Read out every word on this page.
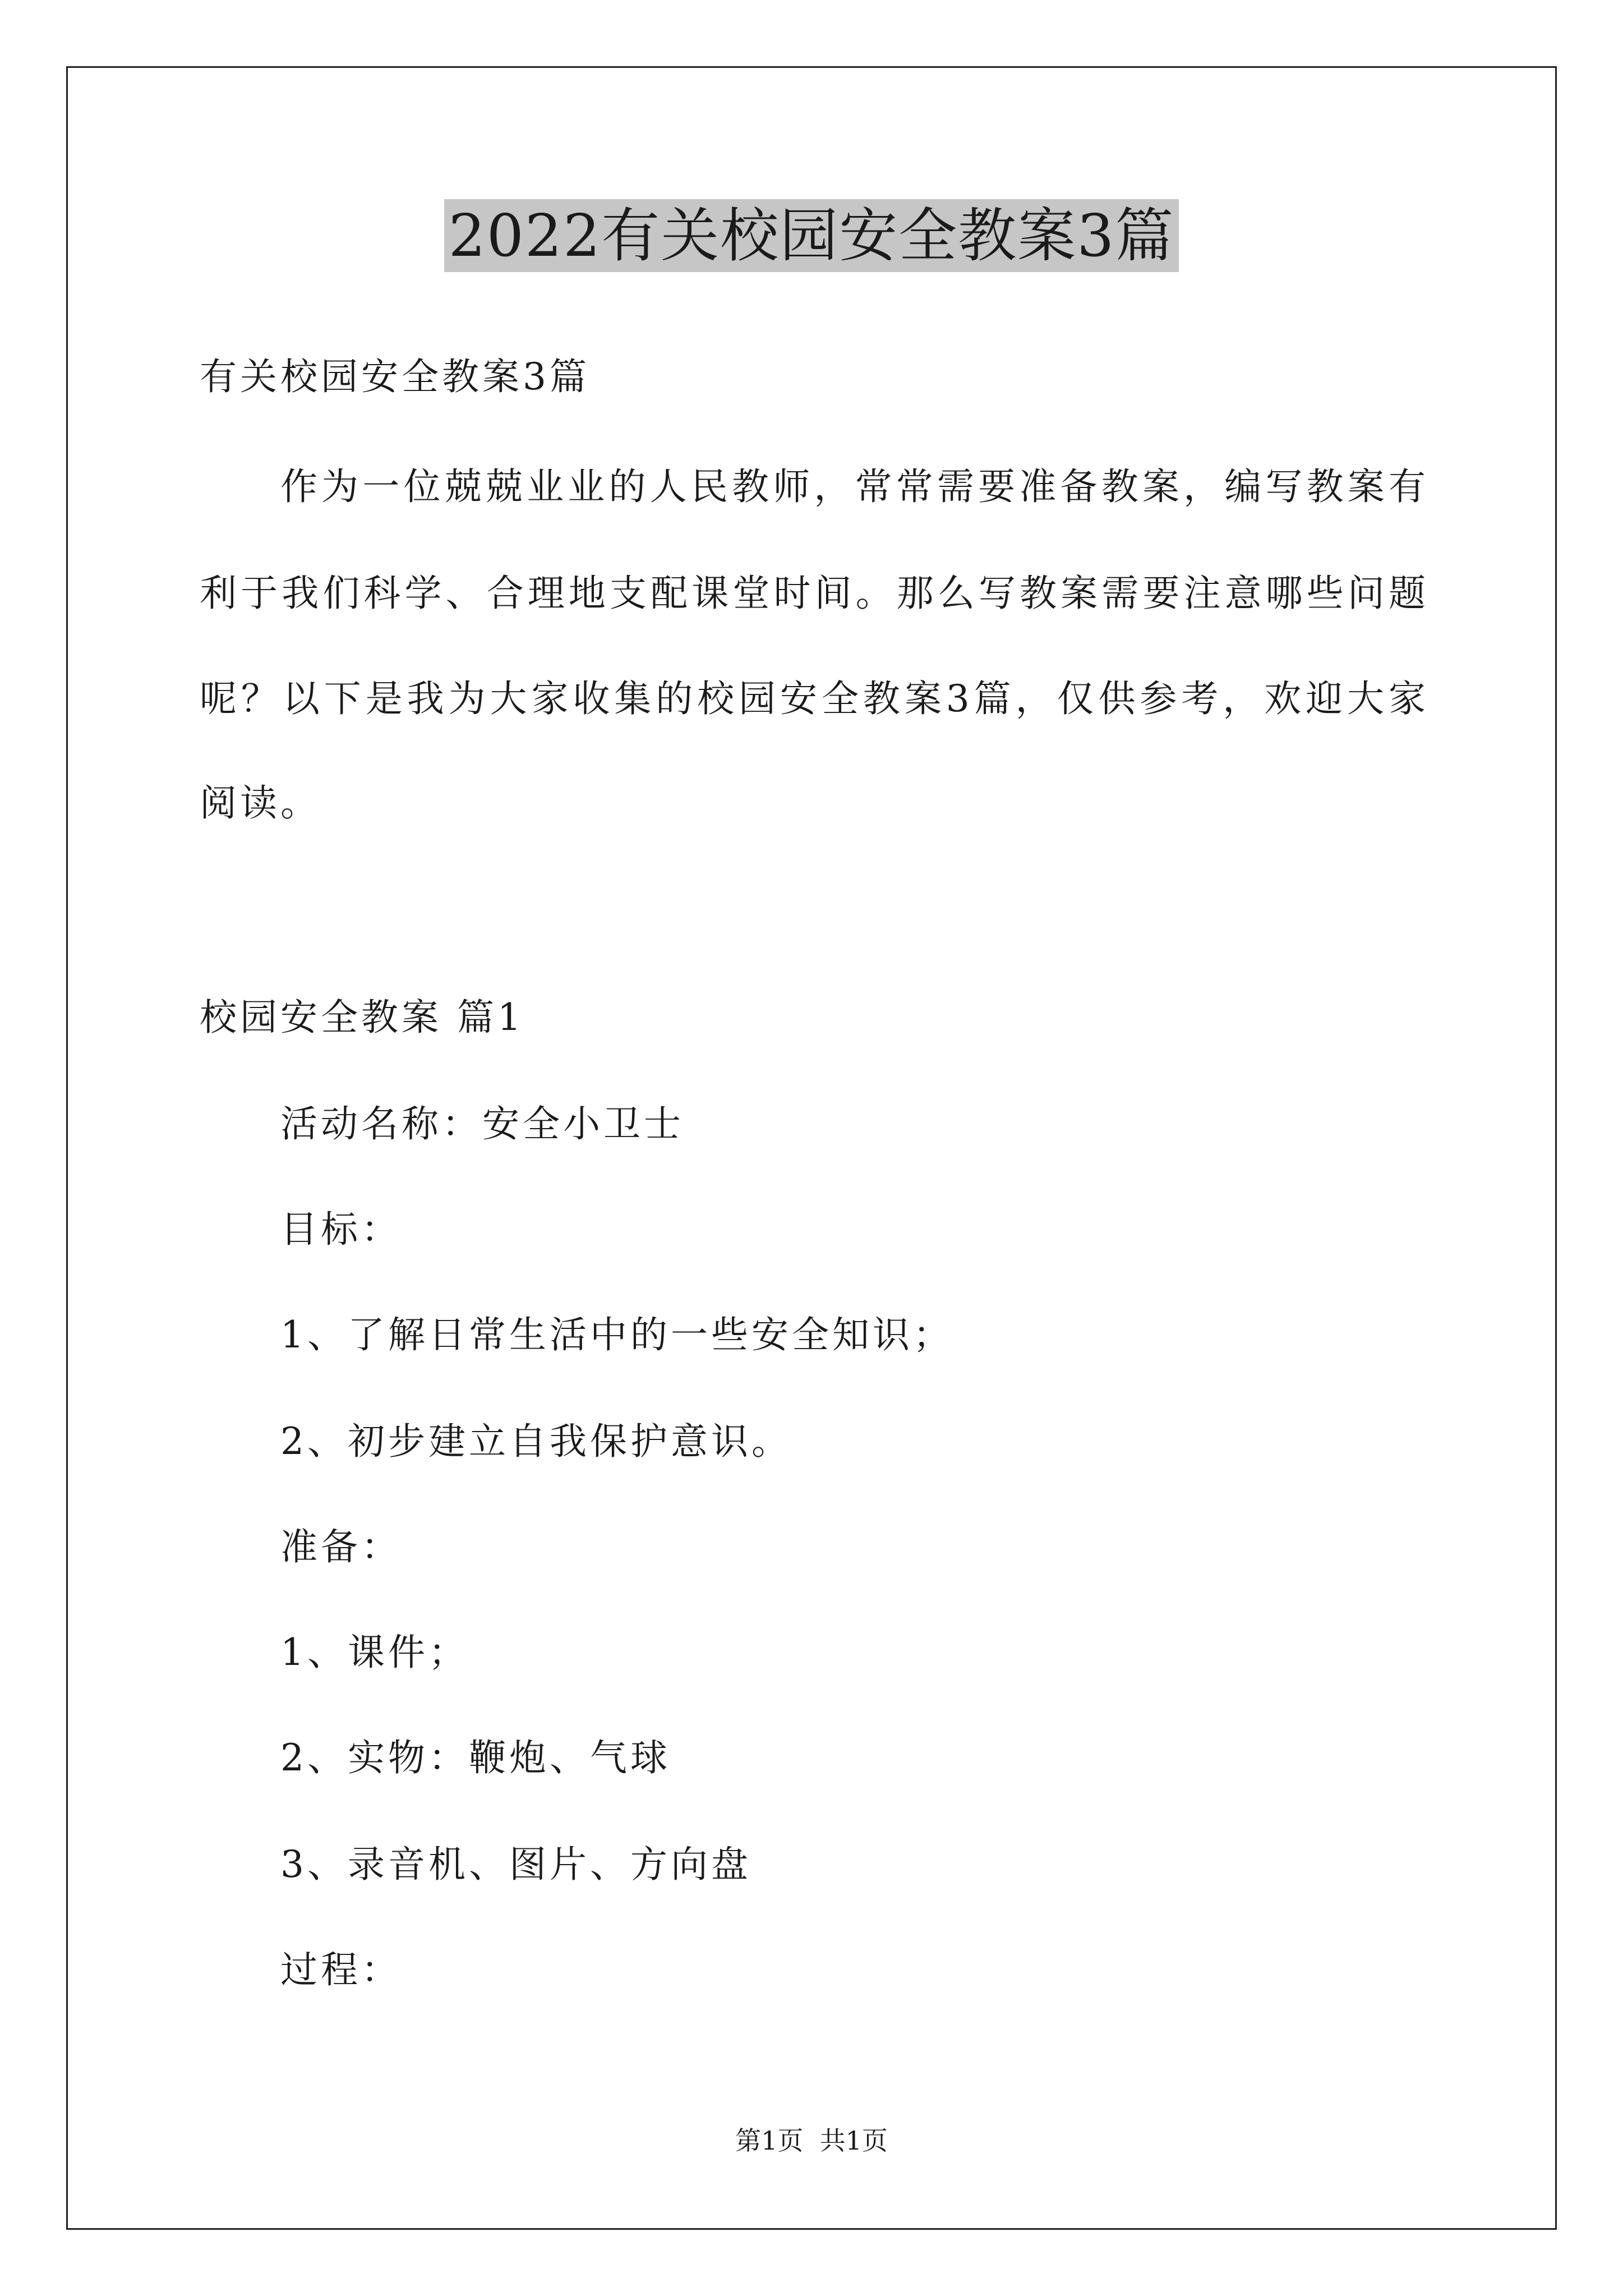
2022有关校园安全教案3篇
有关校园安全教案3篇
作为一位兢兢业业的人民教师，常常需要准备教案，编写教案有
利于我们科学、合理地支配课堂时间。那么写教案需要注意哪些问题
呢？以下是我为大家收集的校园安全教案3篇，仅供参考，欢迎大家
阅读。
校园安全教案 篇1
活动名称：安全小卫士
目标：
1、了解日常生活中的一些安全知识；
2、初步建立自我保护意识。
准备：
1、课件；
2、实物：鞭炮、气球
3、录音机、图片、方向盘
过程：
第1页  共1页
